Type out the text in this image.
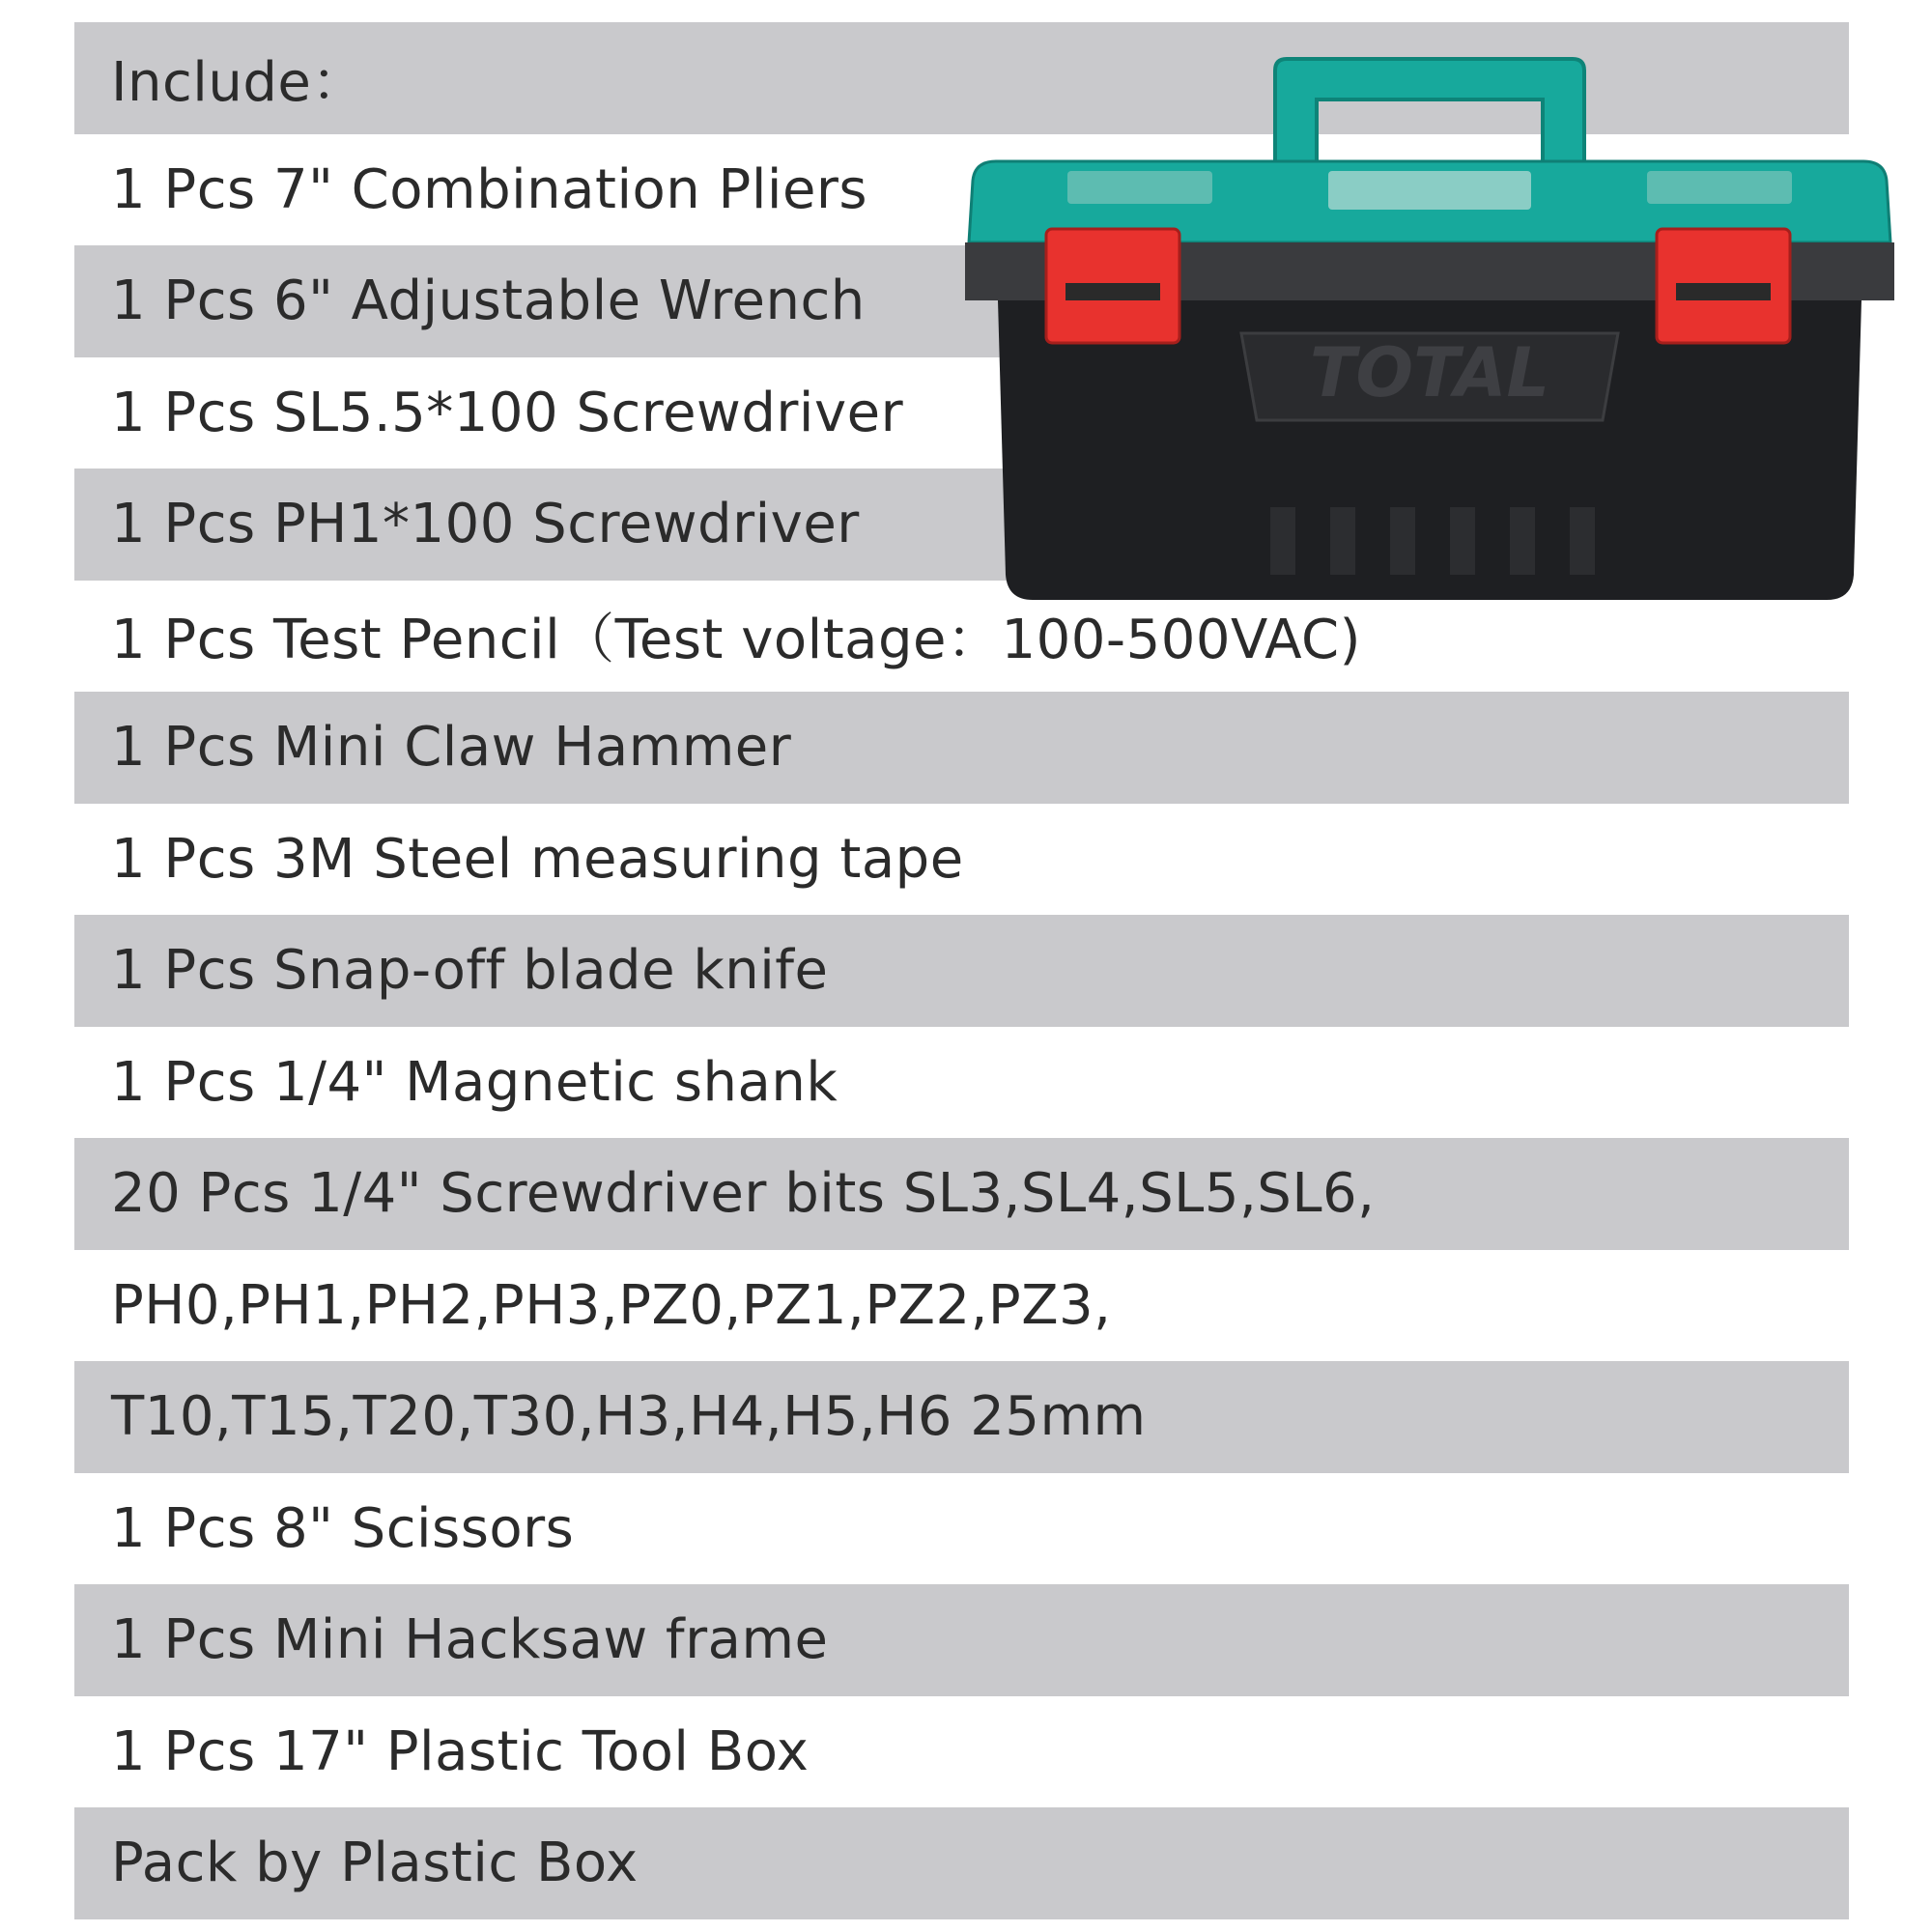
Include：
1 Pcs 7" Combination Pliers
1 Pcs 6" Adjustable Wrench
1 Pcs SL5.5*100 Screwdriver
1 Pcs PH1*100 Screwdriver
1 Pcs Test Pencil（Test voltage：100-500VAC)
1 Pcs Mini Claw Hammer
1 Pcs 3M Steel measuring tape
1 Pcs Snap-off blade knife
1 Pcs 1/4" Magnetic shank
20 Pcs 1/4" Screwdriver bits SL3,SL4,SL5,SL6,
PH0,PH1,PH2,PH3,PZ0,PZ1,PZ2,PZ3,
T10,T15,T20,T30,H3,H4,H5,H6 25mm
1 Pcs 8" Scissors
1 Pcs Mini Hacksaw frame
1 Pcs 17" Plastic Tool Box
Pack by Plastic Box
TOTAL
